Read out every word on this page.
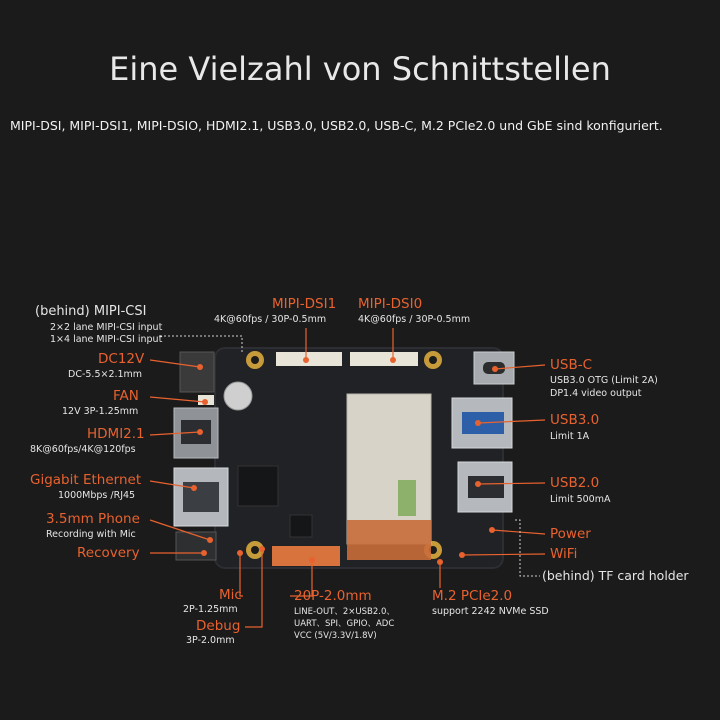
Eine Vielzahl von Schnittstellen
MIPI-DSI, MIPI-DSI1, MIPI-DSIO, HDMI2.1, USB3.0, USB2.0, USB-C, M.2 PCIe2.0 und GbE sind konfiguriert.
(behind) MIPI-CSI
2×2 lane MIPI-CSI input
1×4 lane MIPI-CSI input
DC12V
DC-5.5×2.1mm
FAN
12V 3P-1.25mm
HDMI2.1
8K@60fps/4K@120fps
Gigabit Ethernet
1000Mbps /RJ45
3.5mm Phone
Recording with Mic
Recovery
Mic
2P-1.25mm
Debug
3P-2.0mm
20P-2.0mm
LINE-OUT、2×USB2.0、
UART、SPI、GPIO、ADC
VCC (5V/3.3V/1.8V)
M.2 PCIe2.0
support 2242 NVMe SSD
MIPI-DSI1
4K@60fps / 30P-0.5mm
MIPI-DSI0
4K@60fps / 30P-0.5mm
USB-C
USB3.0 OTG (Limit 2A)
DP1.4 video output
USB3.0
Limit 1A
USB2.0
Limit 500mA
Power
WiFi
(behind) TF card holder
